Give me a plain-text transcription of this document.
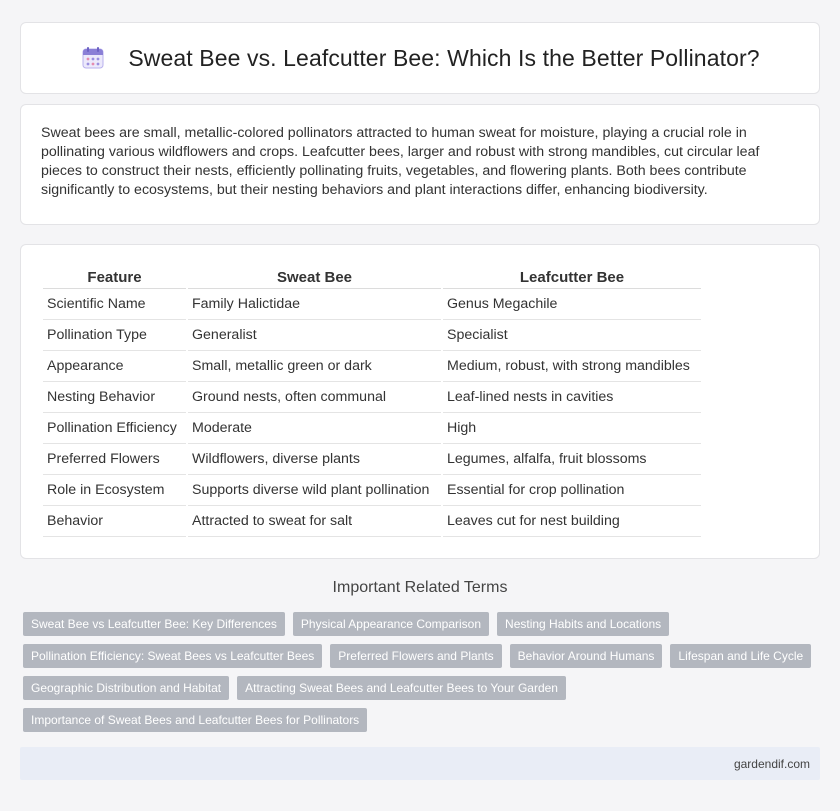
Sweat Bee vs. Leafcutter Bee: Which Is the Better Pollinator?

Sweat bees are small, metallic-colored pollinators attracted to human sweat for moisture, playing a crucial role in pollinating various wildflowers and crops. Leafcutter bees, larger and robust with strong mandibles, cut circular leaf pieces to construct their nests, efficiently pollinating fruits, vegetables, and flowering plants. Both bees contribute significantly to ecosystems, but their nesting behaviors and plant interactions differ, enhancing biodiversity.

Feature	Sweat Bee	Leafcutter Bee
Scientific Name	Family Halictidae	Genus Megachile
Pollination Type	Generalist	Specialist
Appearance	Small, metallic green or dark	Medium, robust, with strong mandibles
Nesting Behavior	Ground nests, often communal	Leaf-lined nests in cavities
Pollination Efficiency	Moderate	High
Preferred Flowers	Wildflowers, diverse plants	Legumes, alfalfa, fruit blossoms
Role in Ecosystem	Supports diverse wild plant pollination	Essential for crop pollination
Behavior	Attracted to sweat for salt	Leaves cut for nest building
Important Related Terms
Sweat Bee vs Leafcutter Bee: Key Differences	Physical Appearance Comparison	Nesting Habits and Locations
Pollination Efficiency: Sweat Bees vs Leafcutter Bees	Preferred Flowers and Plants	Behavior Around Humans	Lifespan and Life Cycle
Geographic Distribution and Habitat	Attracting Sweat Bees and Leafcutter Bees to Your Garden
Importance of Sweat Bees and Leafcutter Bees for Pollinators
gardendif.com
